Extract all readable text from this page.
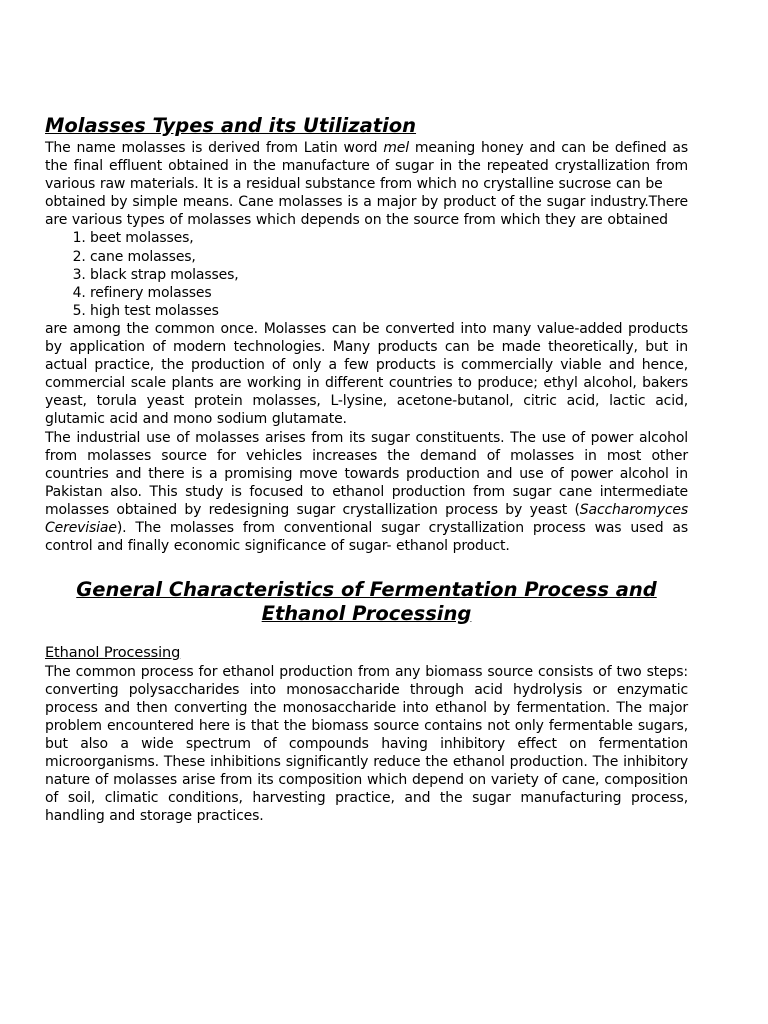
Molasses Types and its Utilization

The name molasses is derived from Latin word mel meaning honey and can be defined as the final effluent obtained in the manufacture of sugar in the repeated crystallization from various raw materials. It is a residual substance from which no crystalline sucrose can be

obtained by simple means. Cane molasses is a major by product of the sugar industry.There are various types of molasses which depends on the source from which they are obtained

1. beet molasses,
2. cane molasses,
3. black strap molasses,
4. refinery molasses
5. high test molasses

are among the common once. Molasses can be converted into many value-added products by application of modern technologies. Many products can be made theoretically, but in actual practice, the production of only a few products is commercially viable and hence, commercial scale plants are working in different countries to produce; ethyl alcohol, bakers yeast, torula yeast protein molasses, L-lysine, acetone-butanol, citric acid, lactic acid, glutamic acid and mono sodium glutamate.

The industrial use of molasses arises from its sugar constituents. The use of power alcohol from molasses source for vehicles increases the demand of molasses in most other countries and there is a promising move towards production and use of power alcohol in Pakistan also. This study is focused to ethanol production from sugar cane intermediate molasses obtained by redesigning sugar crystallization process by yeast (Saccharomyces Cerevisiae). The molasses from conventional sugar crystallization process was used as control and finally economic significance of sugar- ethanol product.

General Characteristics of Fermentation Process and
Ethanol Processing
Ethanol Processing

The common process for ethanol production from any biomass source consists of two steps: converting polysaccharides into monosaccharide through acid hydrolysis or enzymatic process and then converting the monosaccharide into ethanol by fermentation. The major problem encountered here is that the biomass source contains not only fermentable sugars, but also a wide spectrum of compounds having inhibitory effect on fermentation microorganisms. These inhibitions significantly reduce the ethanol production. The inhibitory nature of molasses arise from its composition which depend on variety of cane, composition of soil, climatic conditions, harvesting practice, and the sugar manufacturing process, handling and storage practices.
